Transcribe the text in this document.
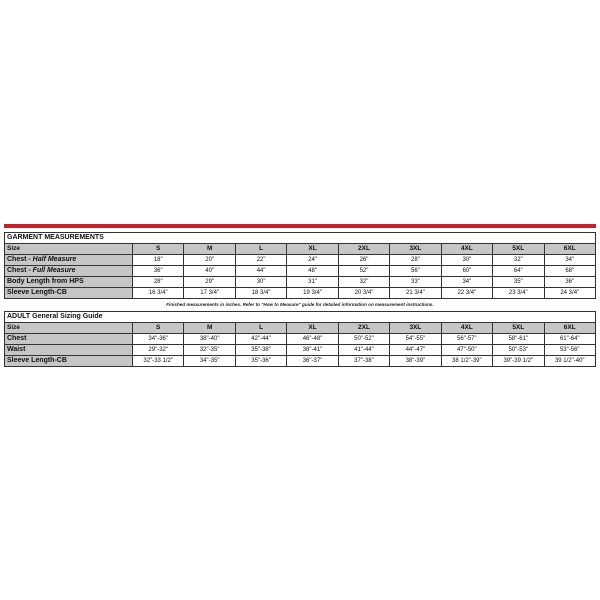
GARMENT MEASUREMENTS									
Size	S	M	L	XL	2XL	3XL	4XL	5XL	6XL
Chest - Half Measure	18"	20"	22"	24"	26"	28"	30"	32"	34"
Chest - Full Measure	36"	40"	44"	48"	52"	56"	60"	64"	68"
Body Length from HPS	28"	29"	30"	31"	32"	33"	34"	35"	36"
Sleeve Length-CB	16 3/4"	17 3/4"	18 3/4"	19 3/4"	20 3/4"	21 3/4"	22 3/4"	23 3/4"	24 3/4"
Finished measurements in inches. Refer to "How to Measure" guide for detailed information on measurement instructions.
ADULT General Sizing Guide									
Size	S	M	L	XL	2XL	3XL	4XL	5XL	6XL
Chest	34"-36"	38"-40"	42"-44"	46"-48"	50"-52"	54"-55"	56"-57"	58"-61"	61"-64"
Waist	29"-32"	32"-35"	35"-38"	38"-41"	41"-44"	44"-47"	47"-50"	50"-53"	53"-56"
Sleeve Length-CB	32"-33 1/2"	34"-35"	35"-36"	36"-37"	37"-38"	38"-39"	38 1/2"-39"	39"-39 1/2"	39 1/2"-40"
